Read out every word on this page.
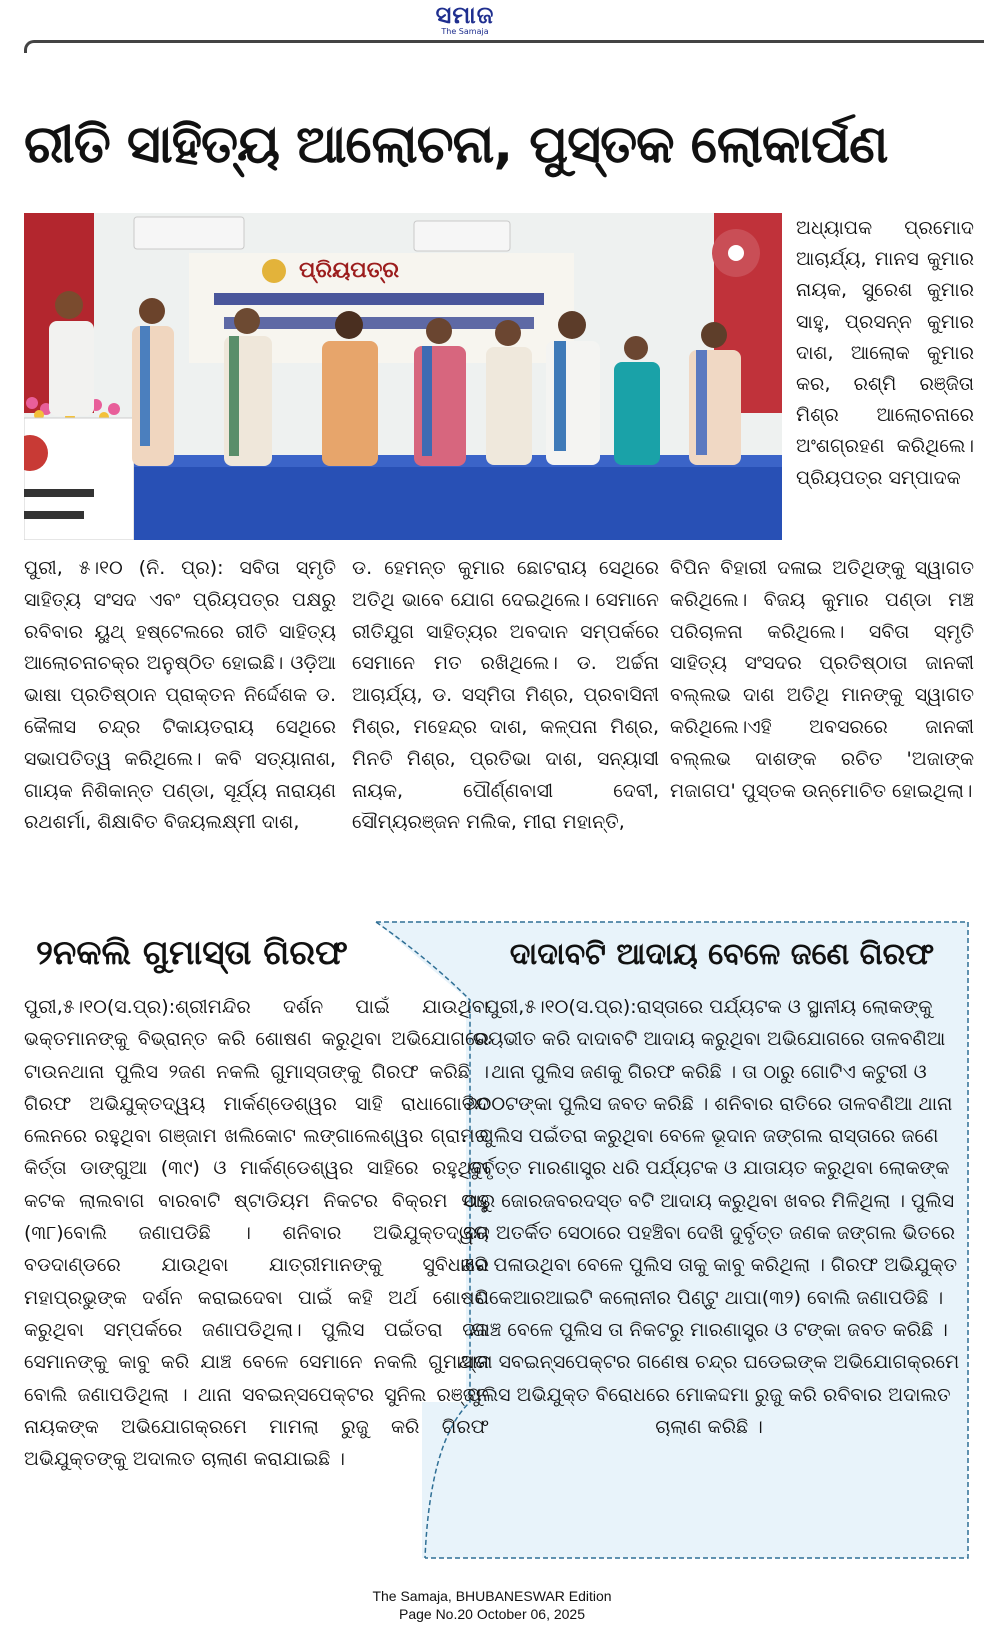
ସମାଜ
The Samaja
ରୀତି ସାହିତ୍ୟ ଆଲୋଚନା, ପୁସ୍ତକ ଲୋକାର୍ପଣ
ପ୍ରିୟପତ୍ର
ଅଧ୍ୟାପକ ପ୍ରମୋଦ ଆଚାର୍ଯ୍ୟ, ମାନସ କୁମାର ନାୟକ, ସୁରେଶ କୁମାର ସାହୁ, ପ୍ରସନ୍ନ କୁମାର ଦାଶ, ଆଲୋକ କୁମାର କର, ରଶ୍ମି ରଞ୍ଜିତା ମିଶ୍ର ଆଲୋଚନାରେ ଅଂଶଗ୍ରହଣ କରିଥିଲେ। ପ୍ରିୟପତ୍ର ସମ୍ପାଦକ
ପୁରୀ, ୫।୧୦ (ନି. ପ୍ର): ସବିତା ସ୍ମୃତି ସାହିତ୍ୟ ସଂସଦ ଏବଂ ପ୍ରିୟପତ୍ର ପକ୍ଷରୁ ରବିବାର ୟୁଥ୍ ହଷ୍ଟେଲରେ ରୀତି ସାହିତ୍ୟ ଆଲୋଚନାଚକ୍ର ଅନୁଷ୍ଠିତ ହୋଇଛି। ଓଡ଼ିଆ ଭାଷା ପ୍ରତିଷ୍ଠାନ ପ୍ରାକ୍ତନ ନିର୍ଦ୍ଦେଶକ ଡ. କୈଳାସ ଚନ୍ଦ୍ର ଟିକାୟତରାୟ ସେଥିରେ ସଭାପତିତ୍ୱ କରିଥିଲେ। କବି ସତ୍ୟାନାଶ, ଗାୟକ ନିଶିକାନ୍ତ ପଣ୍ଡା, ସୂର୍ଯ୍ୟ ନାରାୟଣ ରଥଶର୍ମା, ଶିକ୍ଷାବିତ ବିଜୟଲକ୍ଷ୍ମୀ ଦାଶ,
ଡ. ହେମନ୍ତ କୁମାର ଛୋଟରାୟ ସେଥିରେ ଅତିଥି ଭାବେ ଯୋଗ ଦେଇଥିଲେ। ସେମାନେ ରୀତିଯୁଗ ସାହିତ୍ୟର ଅବଦାନ ସମ୍ପର୍କରେ ସେମାନେ ମତ ରଖିଥିଲେ। ଡ. ଅର୍ଚ୍ଚନା ଆଚାର୍ଯ୍ୟ, ଡ. ସସ୍ମିତା ମିଶ୍ର, ପ୍ରବାସିନୀ ମିଶ୍ର, ମହେନ୍ଦ୍ର ଦାଶ, କଳ୍ପନା ମିଶ୍ର, ମିନତି ମିଶ୍ର, ପ୍ରତିଭା ଦାଶ, ସନ୍ୟାସୀ ନାୟକ, ପୌର୍ଣ୍ଣବାସୀ ଦେବୀ, ସୌମ୍ୟରଞ୍ଜନ ମଲିକ, ମୀରା ମହାନ୍ତି,
ବିପିନ ବିହାରୀ ଦଳାଇ ଅତିଥିଙ୍କୁ ସ୍ୱାଗତ କରିଥିଲେ। ବିଜୟ କୁମାର ପଣ୍ଡା ମଞ୍ଚ ପରିଚାଳନା କରିଥିଲେ। ସବିତା ସ୍ମୃତି ସାହିତ୍ୟ ସଂସଦର ପ୍ରତିଷ୍ଠାତା ଜାନକୀ ବଲ୍ଲଭ ଦାଶ ଅତିଥି ମାନଙ୍କୁ ସ୍ୱାଗତ କରିଥିଲେ।ଏହି ଅବସରରେ ଜାନକୀ ବଲ୍ଲଭ ଦାଶଙ୍କ ରଚିତ 'ଅଜାଙ୍କ ମଜାଗପ' ପୁସ୍ତକ ଉନ୍ମୋଚିତ ହୋଇଥିଲା।
୨ନକଲି ଗୁମାସ୍ତା ଗିରଫ
ପୁରୀ,୫।୧୦(ସ.ପ୍ର):ଶ୍ରୀମନ୍ଦିର ଦର୍ଶନ ପାଇଁ ଯାଉଥିବା ଭକ୍ତମାନଙ୍କୁ ବିଭ୍ରାନ୍ତ କରି ଶୋଷଣ କରୁଥିବା ଅଭିଯୋଗରେ ଟାଉନଥାନା ପୁଲିସ ୨ଜଣ ନକଲି ଗୁମାସ୍ତାଙ୍କୁ ଗିରଫ କରିଛି । ଗିରଫ ଅଭିଯୁକ୍ତଦ୍ୱୟ ମାର୍କଣ୍ଡେଶ୍ୱର ସାହି ରାଧାଗୋବିନ୍ଦ ଲେନରେ ରହୁଥିବା ଗଞ୍ଜାମ ଖଲିକୋଟ ଲଙ୍ଗାଲେଶ୍ୱର ଗ୍ରାମର କିର୍ତ୍ତା ଡାଙ୍ଗୁଆ (୩୯) ଓ ମାର୍କଣ୍ଡେଶ୍ୱର ସାହିରେ ରହୁଥିବା କଟକ ଲାଲବାଗ ବାରବାଟି ଷ୍ଟାଡିୟମ ନିକଟର ବିକ୍ରମ ସାହୁ (୩୮)ବୋଲି ଜଣାପଡିଛି । ଶନିବାର ଅଭିଯୁକ୍ତଦ୍ୱୟ ବଡଦାଣ୍ଡରେ ଯାଉଥିବା ଯାତ୍ରୀମାନଙ୍କୁ ସୁବିଧାରେ ମହାପ୍ରଭୁଙ୍କ ଦର୍ଶନ କରାଇଦେବା ପାଇଁ କହି ଅର୍ଥ ଶୋଷଣ କରୁଥିବା ସମ୍ପର୍କରେ ଜଣାପଡିଥିଲା। ପୁଲିସ ପଇଁତରା ଦଳ ସେମାନଙ୍କୁ କାବୁ କରି ଯାଞ୍ଚ ବେଳେ ସେମାନେ ନକଲି ଗୁମାସ୍ତା ବୋଲି ଜଣାପଡିଥିଲା । ଥାନା ସବଇନ୍ସପେକ୍ଟର ସୁନିଲ ରଞ୍ଜନ ନାୟକଙ୍କ ଅଭିଯୋଗକ୍ରମେ ମାମଲା ରୁଜୁ କରି ଗିରଫ ଅଭିଯୁକ୍ତଙ୍କୁ ଅଦାଲତ ଚାଲାଣ କରାଯାଇଛି ।
ଦାଦାବଟି ଆଦାୟ ବେଳେ ଜଣେ ଗିରଫ
ପୁରୀ,୫।୧୦(ସ.ପ୍ର):ରାସ୍ତାରେ ପର୍ଯ୍ୟଟକ ଓ ସ୍ଥାନୀୟ ଲୋକଙ୍କୁ ଭୟଭୀତ କରି ଦାଦାବଟି ଆଦାୟ କରୁଥିବା ଅଭିଯୋଗରେ ତାଳବଣିଆ ଥାନା ପୁଲିସ ଜଣକୁ ଗିରଫ କରିଛି । ତା ଠାରୁ ଗୋଟିଏ କଟୁରୀ ଓ ୬୦୦ଟଙ୍କା ପୁଲିସ ଜବତ କରିଛି । ଶନିବାର ରାତିରେ ତାଳବଣିଆ ଥାନା ପୁଲିସ ପଇଁତରା କରୁଥିବା ବେଳେ ଭୂଦାନ ଜଙ୍ଗଲ ରାସ୍ତାରେ ଜଣେ ଦୁର୍ବୃତ୍ତ ମାରଣାସ୍ତ୍ର ଧରି ପର୍ଯ୍ୟଟକ ଓ ଯାତାୟତ କରୁଥିବା ଲୋକଙ୍କ ଠାରୁ ଜୋରଜବରଦସ୍ତ ବଟି ଆଦାୟ କରୁଥିବା ଖବର ମିଳିଥିଲା । ପୁଲିସ ଦଳ ଅତର୍କିତ ସେଠାରେ ପହଞ୍ଚିବା ଦେଖି ଦୁର୍ବୃତ୍ତ ଜଣକ ଜଙ୍ଗଲ ଭିତରେ ଖସି ପଳାଉଥିବା ବେଳେ ପୁଲିସ ତାକୁ କାବୁ କରିଥିଲା । ଗିରଫ ଅଭିଯୁକ୍ତ ପିକେଆରଆଇଟି କଲୋନୀର ପିଣ୍ଟୁ ଥାପା(୩୨) ବୋଲି ଜଣାପଡିଛି । ଯାଞ୍ଚ ବେଳେ ପୁଲିସ ତା ନିକଟରୁ ମାରଣାସ୍ତ୍ର ଓ ଟଙ୍କା ଜବତ କରିଛି । ଥାନା ସବଇନ୍ସପେକ୍ଟର ଗଣେଷ ଚନ୍ଦ୍ର ଘଡେଇଙ୍କ ଅଭିଯୋଗକ୍ରମେ ପୁଲିସ ଅଭିଯୁକ୍ତ ବିରୋଧରେ ମୋକଦ୍ଦମା ରୁଜୁ କରି ରବିବାର ଅଦାଲତ ଚାଲାଣ କରିଛି ।
The Samaja, BHUBANESWAR Edition
Page No.20 October 06, 2025
